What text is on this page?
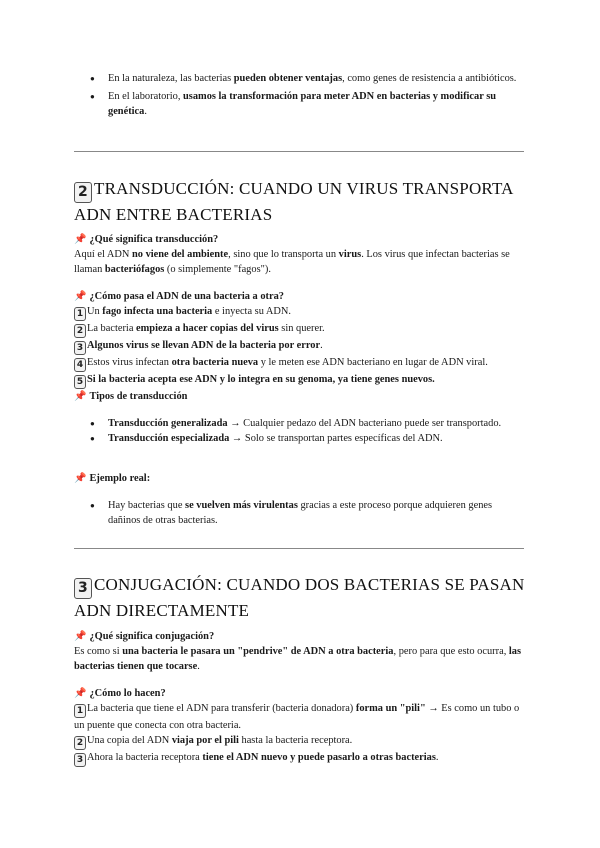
● En la naturaleza, las bacterias pueden obtener ventajas, como genes de resistencia a antibióticos.
● En el laboratorio, usamos la transformación para meter ADN en bacterias y modificar su genética.
2 TRANSDUCCIÓN: CUANDO UN VIRUS TRANSPORTA ADN ENTRE BACTERIAS

📌 ¿Qué significa transducción?

Aquí el ADN no viene del ambiente, sino que lo transporta un virus. Los virus que infectan bacterias se llaman bacteriófagos (o simplemente "fagos").

📌 ¿Cómo pasa el ADN de una bacteria a otra?

1 Un fago infecta una bacteria e inyecta su ADN.

2 La bacteria empieza a hacer copias del virus sin querer.

3 Algunos virus se llevan ADN de la bacteria por error.

4 Estos virus infectan otra bacteria nueva y le meten ese ADN bacteriano en lugar de ADN viral.

5 Si la bacteria acepta ese ADN y lo integra en su genoma, ya tiene genes nuevos.

📌 Tipos de transducción

● Transducción generalizada → Cualquier pedazo del ADN bacteriano puede ser transportado.
● Transducción especializada → Solo se transportan partes específicas del ADN.

📌 Ejemplo real:

● Hay bacterias que se vuelven más virulentas gracias a este proceso porque adquieren genes dañinos de otras bacterias.
3 CONJUGACIÓN: CUANDO DOS BACTERIAS SE PASAN ADN DIRECTAMENTE

📌 ¿Qué significa conjugación?

Es como si una bacteria le pasara un "pendrive" de ADN a otra bacteria, pero para que esto ocurra, las bacterias tienen que tocarse.

📌 ¿Cómo lo hacen?

1 La bacteria que tiene el ADN para transferir (bacteria donadora) forma un "pili" → Es como un tubo o un puente que conecta con otra bacteria.

2 Una copia del ADN viaja por el pili hasta la bacteria receptora.

3 Ahora la bacteria receptora tiene el ADN nuevo y puede pasarlo a otras bacterias.
